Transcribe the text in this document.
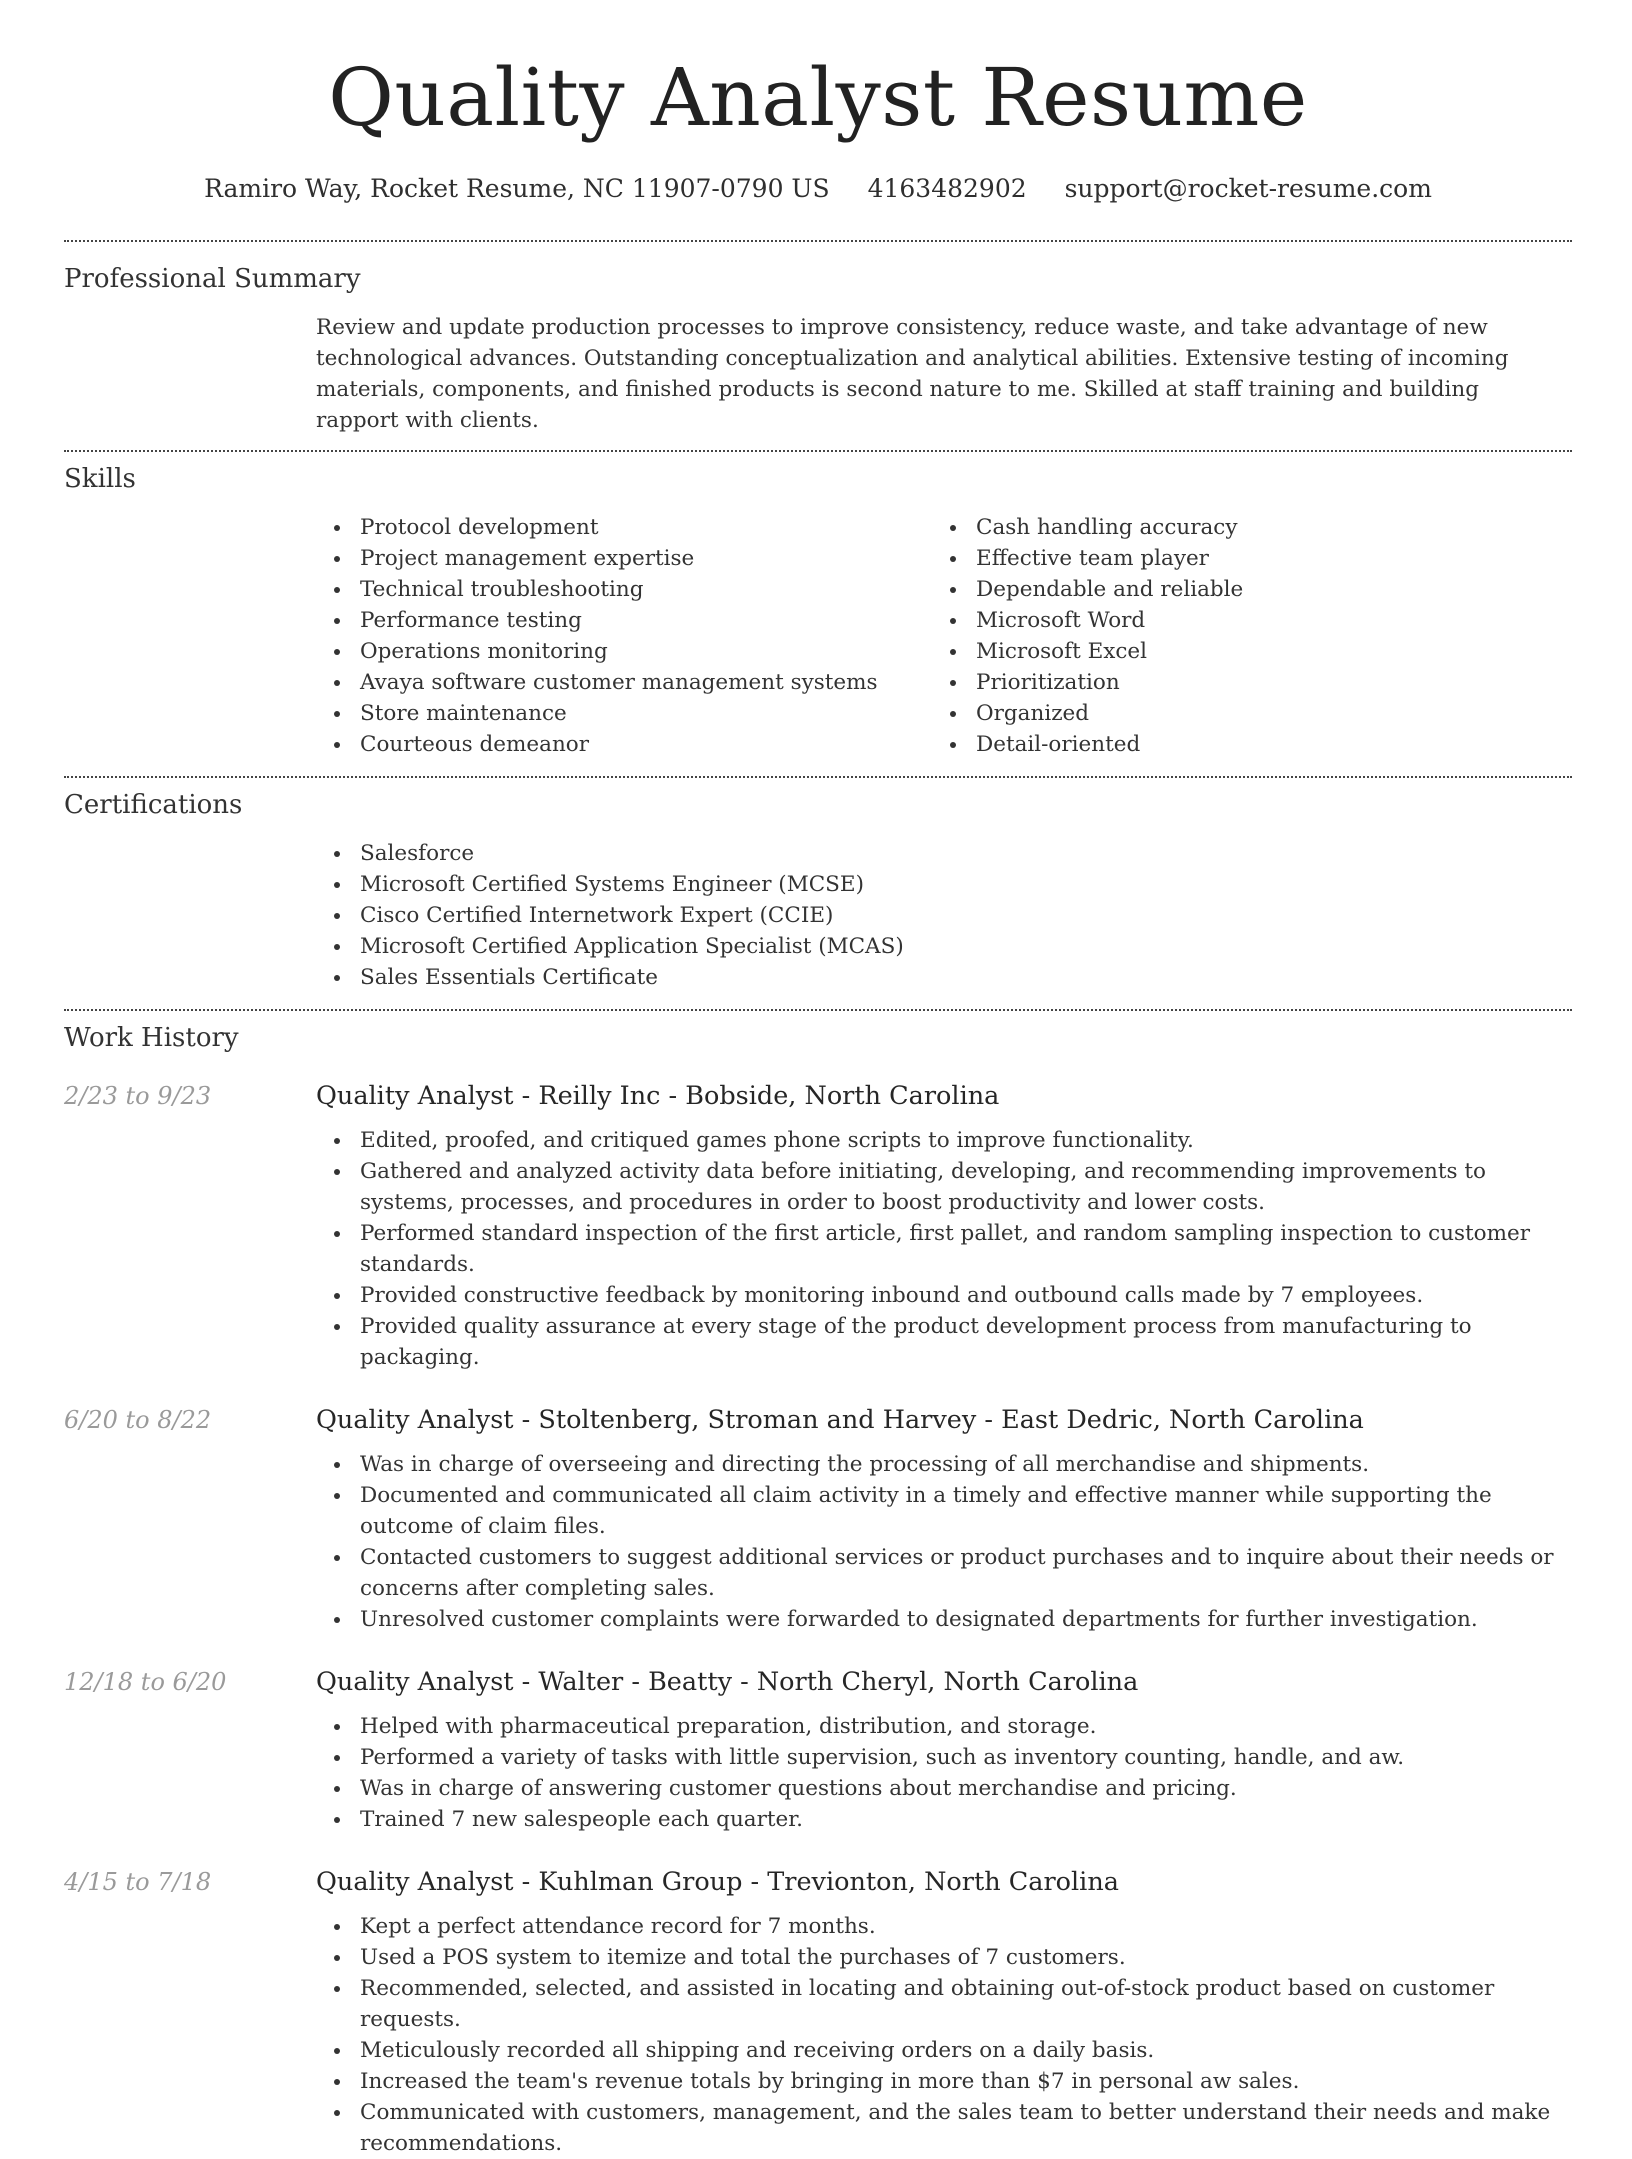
Quality Analyst Resume
Ramiro Way, Rocket Resume, NC 11907-0790 US 4163482902 support@rocket-resume.com
Professional Summary

Review and update production processes to improve consistency, reduce waste, and take advantage of new technological advances. Outstanding conceptualization and analytical abilities. Extensive testing of incoming materials, components, and finished products is second nature to me. Skilled at staff training and building rapport with clients.

Skills
Protocol development
Project management expertise
Technical troubleshooting
Performance testing
Operations monitoring
Avaya software customer management systems
Store maintenance
Courteous demeanor
Cash handling accuracy
Effective team player
Dependable and reliable
Microsoft Word
Microsoft Excel
Prioritization
Organized
Detail-oriented
Certifications
Salesforce
Microsoft Certified Systems Engineer (MCSE)
Cisco Certified Internetwork Expert (CCIE)
Microsoft Certified Application Specialist (MCAS)
Sales Essentials Certificate
Work History
2/23 to 9/23	Quality Analyst - Reilly Inc - Bobside, North Carolina
Edited, proofed, and critiqued games phone scripts to improve functionality.
Gathered and analyzed activity data before initiating, developing, and recommending improvements to systems, processes, and procedures in order to boost productivity and lower costs.
Performed standard inspection of the first article, first pallet, and random sampling inspection to customer standards.
Provided constructive feedback by monitoring inbound and outbound calls made by 7 employees.
Provided quality assurance at every stage of the product development process from manufacturing to packaging.
6/20 to 8/22	Quality Analyst - Stoltenberg, Stroman and Harvey - East Dedric, North Carolina
Was in charge of overseeing and directing the processing of all merchandise and shipments.
Documented and communicated all claim activity in a timely and effective manner while supporting the outcome of claim files.
Contacted customers to suggest additional services or product purchases and to inquire about their needs or concerns after completing sales.
Unresolved customer complaints were forwarded to designated departments for further investigation.
12/18 to 6/20	Quality Analyst - Walter - Beatty - North Cheryl, North Carolina
Helped with pharmaceutical preparation, distribution, and storage.
Performed a variety of tasks with little supervision, such as inventory counting, handle, and aw.
Was in charge of answering customer questions about merchandise and pricing.
Trained 7 new salespeople each quarter.
4/15 to 7/18	Quality Analyst - Kuhlman Group - Trevionton, North Carolina
Kept a perfect attendance record for 7 months.
Used a POS system to itemize and total the purchases of 7 customers.
Recommended, selected, and assisted in locating and obtaining out-of-stock product based on customer requests.
Meticulously recorded all shipping and receiving orders on a daily basis.
Increased the team's revenue totals by bringing in more than $7 in personal aw sales.
Communicated with customers, management, and the sales team to better understand their needs and make recommendations.
